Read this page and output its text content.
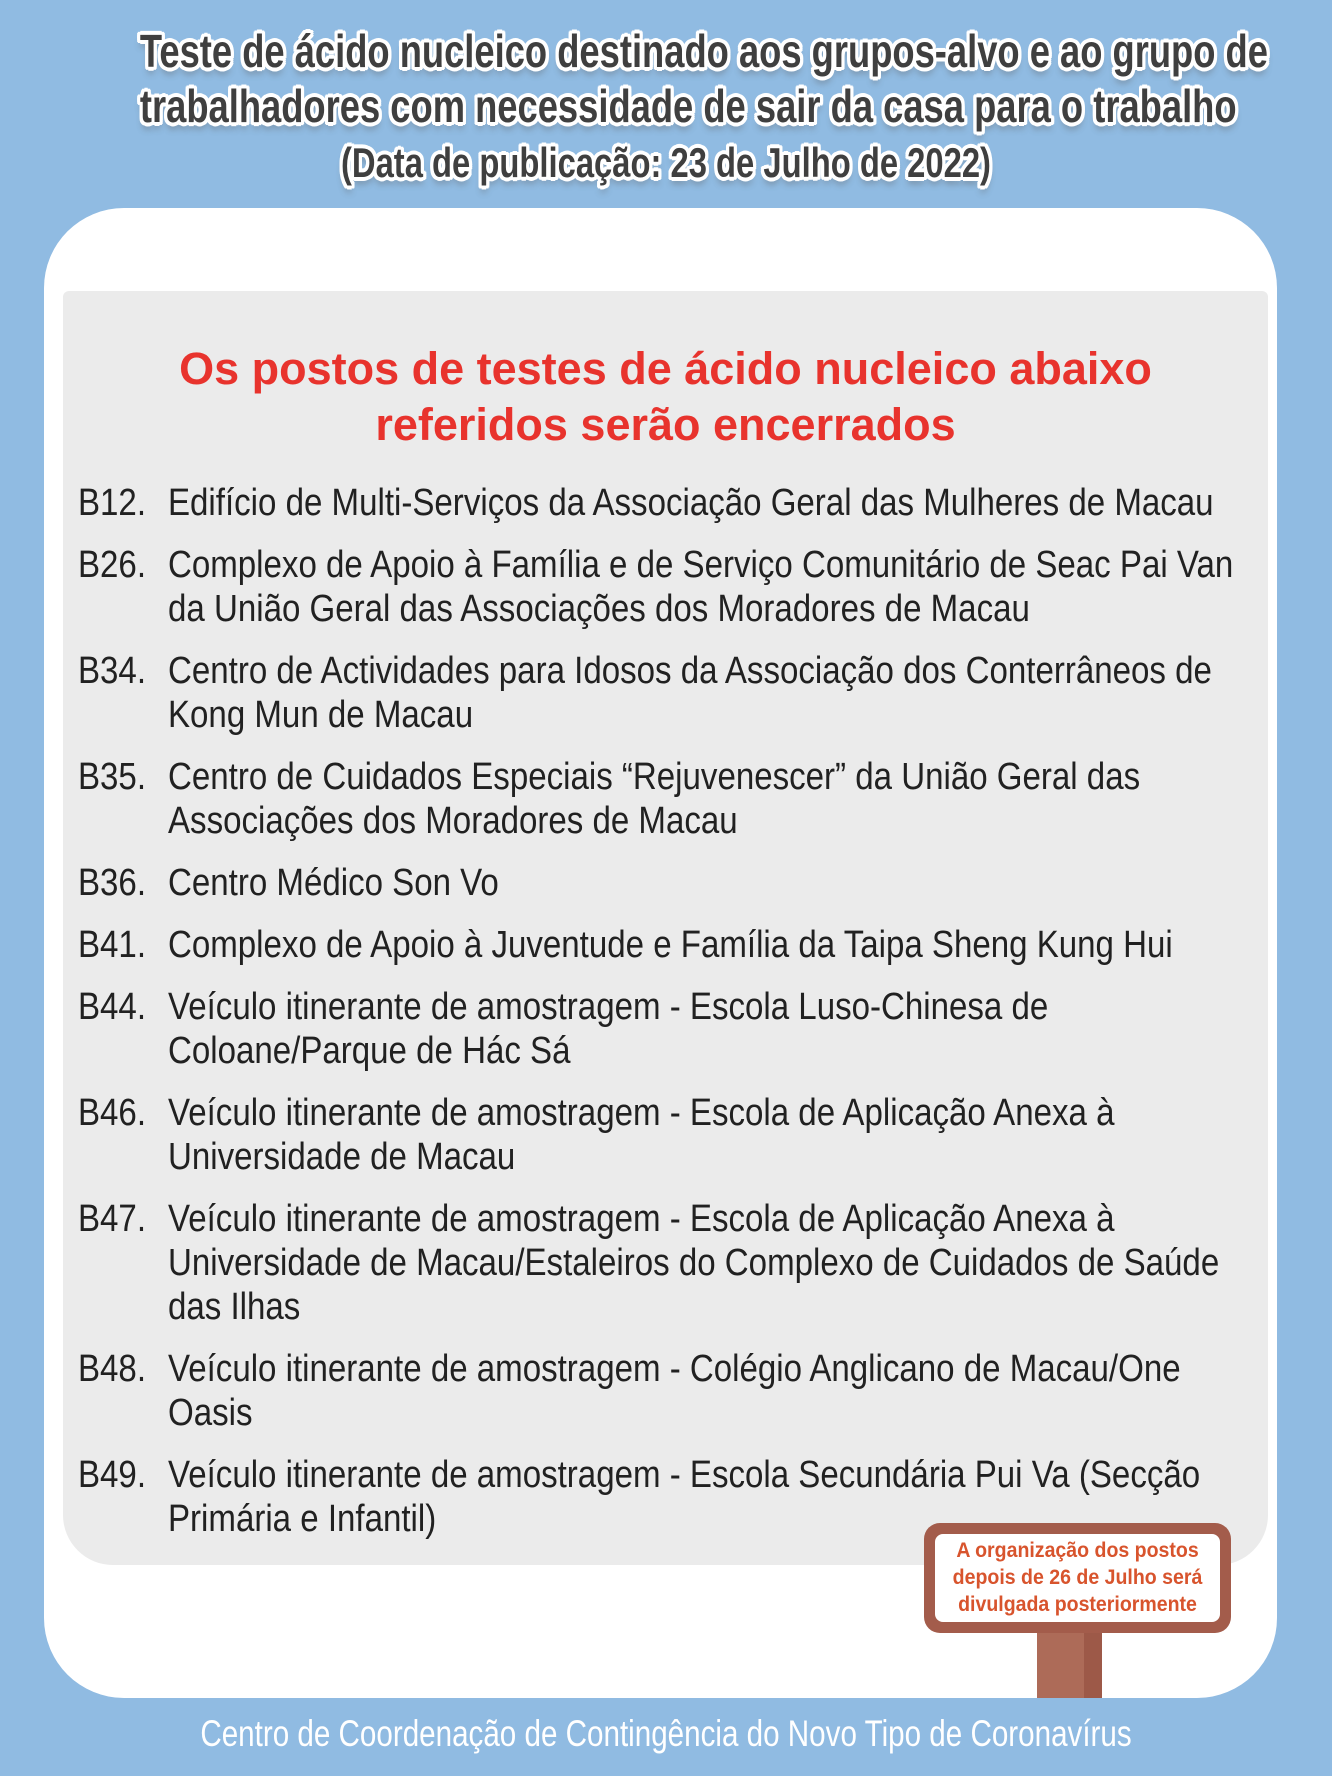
Teste de ácido nucleico destinado aos grupos-alvo e ao grupo de
trabalhadores com necessidade de sair da casa para o trabalho
(Data de publicação: 23 de Julho de 2022)
Os postos de testes de ácido nucleico abaixo
referidos serão encerrados
B12. Edifício de Multi-Serviços da Associação Geral das Mulheres de Macau
B26. Complexo de Apoio à Família e de Serviço Comunitário de Seac Pai Van
da União Geral das Associações dos Moradores de Macau
B34. Centro de Actividades para Idosos da Associação dos Conterrâneos de
Kong Mun de Macau
B35. Centro de Cuidados Especiais “Rejuvenescer” da União Geral das
Associações dos Moradores de Macau
B36. Centro Médico Son Vo
B41. Complexo de Apoio à Juventude e Família da Taipa Sheng Kung Hui
B44. Veículo itinerante de amostragem - Escola Luso-Chinesa de
Coloane/Parque de Hác Sá
B46. Veículo itinerante de amostragem - Escola de Aplicação Anexa à
Universidade de Macau
B47. Veículo itinerante de amostragem - Escola de Aplicação Anexa à
Universidade de Macau/Estaleiros do Complexo de Cuidados de Saúde
das Ilhas
B48. Veículo itinerante de amostragem - Colégio Anglicano de Macau/One
Oasis
B49. Veículo itinerante de amostragem - Escola Secundária Pui Va (Secção
Primária e Infantil)
A organização dos postos
depois de 26 de Julho será
divulgada posteriormente
Centro de Coordenação de Contingência do Novo Tipo de Coronavírus
